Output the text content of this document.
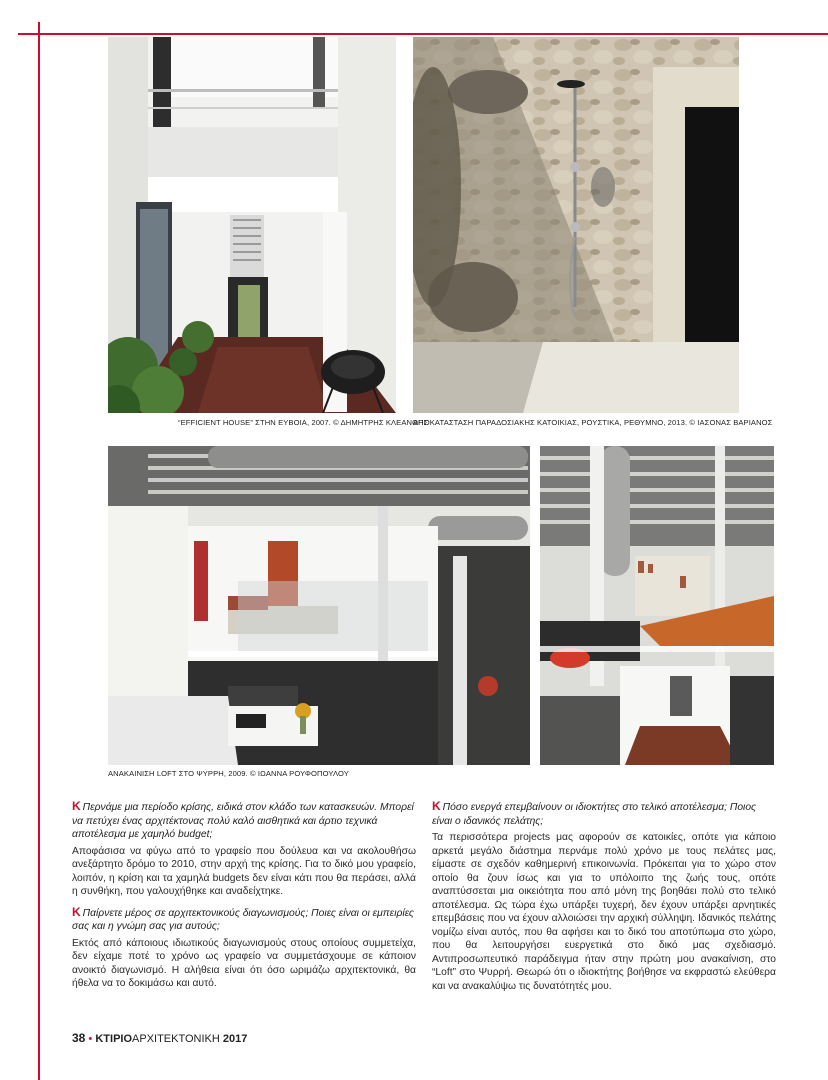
“EFFICIENT HOUSE” ΣΤΗΝ ΕΥΒΟΙΑ, 2007. © ΔΗΜΗΤΡΗΣ ΚΛΕΑΝΘΗΣ
ΑΠΟΚΑΤΑΣΤΑΣΗ ΠΑΡΑΔΟΣΙΑΚΗΣ ΚΑΤΟΙΚΙΑΣ, ΡΟΥΣΤΙΚΑ, ΡΕΘΥΜΝΟ, 2013. © ΙΑΣΟΝΑΣ ΒΑΡΙΑΝΟΣ
ΑΝΑΚΑΙΝΙΣΗ LOFT ΣΤΟ ΨΥΡΡΗ, 2009. © ΙΩΑΝΝΑ ΡΟΥΦΟΠΟΥΛΟΥ

K Περνάμε μια περίοδο κρίσης, ειδικά στον κλάδο των κατασκευών. Μπορεί να πετύχει ένας αρχιτέκτονας πολύ καλό αισθητικά και άρτιο τεχνικά αποτέλεσμα με χαμηλό budget;

Αποφάσισα να φύγω από το γραφείο που δούλευα και να ακολουθήσω ανεξάρτητο δρόμο το 2010, στην αρχή της κρίσης. Για το δικό μου γραφείο, λοιπόν, η κρίση και τα χαμηλά budgets δεν είναι κάτι που θα περάσει, αλλά η συνθήκη, που γαλουχήθηκε και αναδείχτηκε.

K Παίρνετε μέρος σε αρχιτεκτονικούς διαγωνισμούς; Ποιες είναι οι εμπειρίες σας και η γνώμη σας για αυτούς;

Εκτός από κάποιους ιδιωτικούς διαγωνισμούς στους οποίους συμμετείχα, δεν είχαμε ποτέ το χρόνο ως γραφείο να συμμετάσχουμε σε κάποιον ανοικτό διαγωνισμό. Η αλήθεια είναι ότι όσο ωριμάζω αρχιτεκτονικά, θα ήθελα να το δοκιμάσω και αυτό.

K Πόσο ενεργά επεμβαίνουν οι ιδιοκτήτες στο τελικό αποτέλεσμα; Ποιος είναι ο ιδανικός πελάτης;

Τα περισσότερα projects μας αφορούν σε κατοικίες, οπότε για κάποιο αρκετά μεγάλο διάστημα περνάμε πολύ χρόνο με τους πελάτες μας, είμαστε σε σχεδόν καθημερινή επικοινωνία. Πρόκειται για το χώρο στον οποίο θα ζουν ίσως και για το υπόλοιπο της ζωής τους, οπότε αναπτύσσεται μια οικειότητα που από μόνη της βοηθάει πολύ στο τελικό αποτέλεσμα. Ως τώρα έχω υπάρξει τυχερή, δεν έχουν υπάρξει αρνητικές επεμβάσεις που να έχουν αλλοιώσει την αρχική σύλληψη. Ιδανικός πελάτης νομίζω είναι αυτός, που θα αφήσει και το δικό του αποτύπωμα στο χώρο, που θα λειτουργήσει ευεργετικά στο δικό μας σχεδιασμό. Αντιπροσωπευτικό παράδειγμα ήταν στην πρώτη μου ανακαίνιση, στο “Loft” στο Ψυρρή. Θεωρώ ότι ο ιδιοκτήτης βοήθησε να εκφραστώ ελεύθερα και να ανακαλύψω τις δυνατότητές μου.

38 • ΚΤΙΡΙΟΑΡΧΙΤΕΚΤΟΝΙΚΗ 2017
